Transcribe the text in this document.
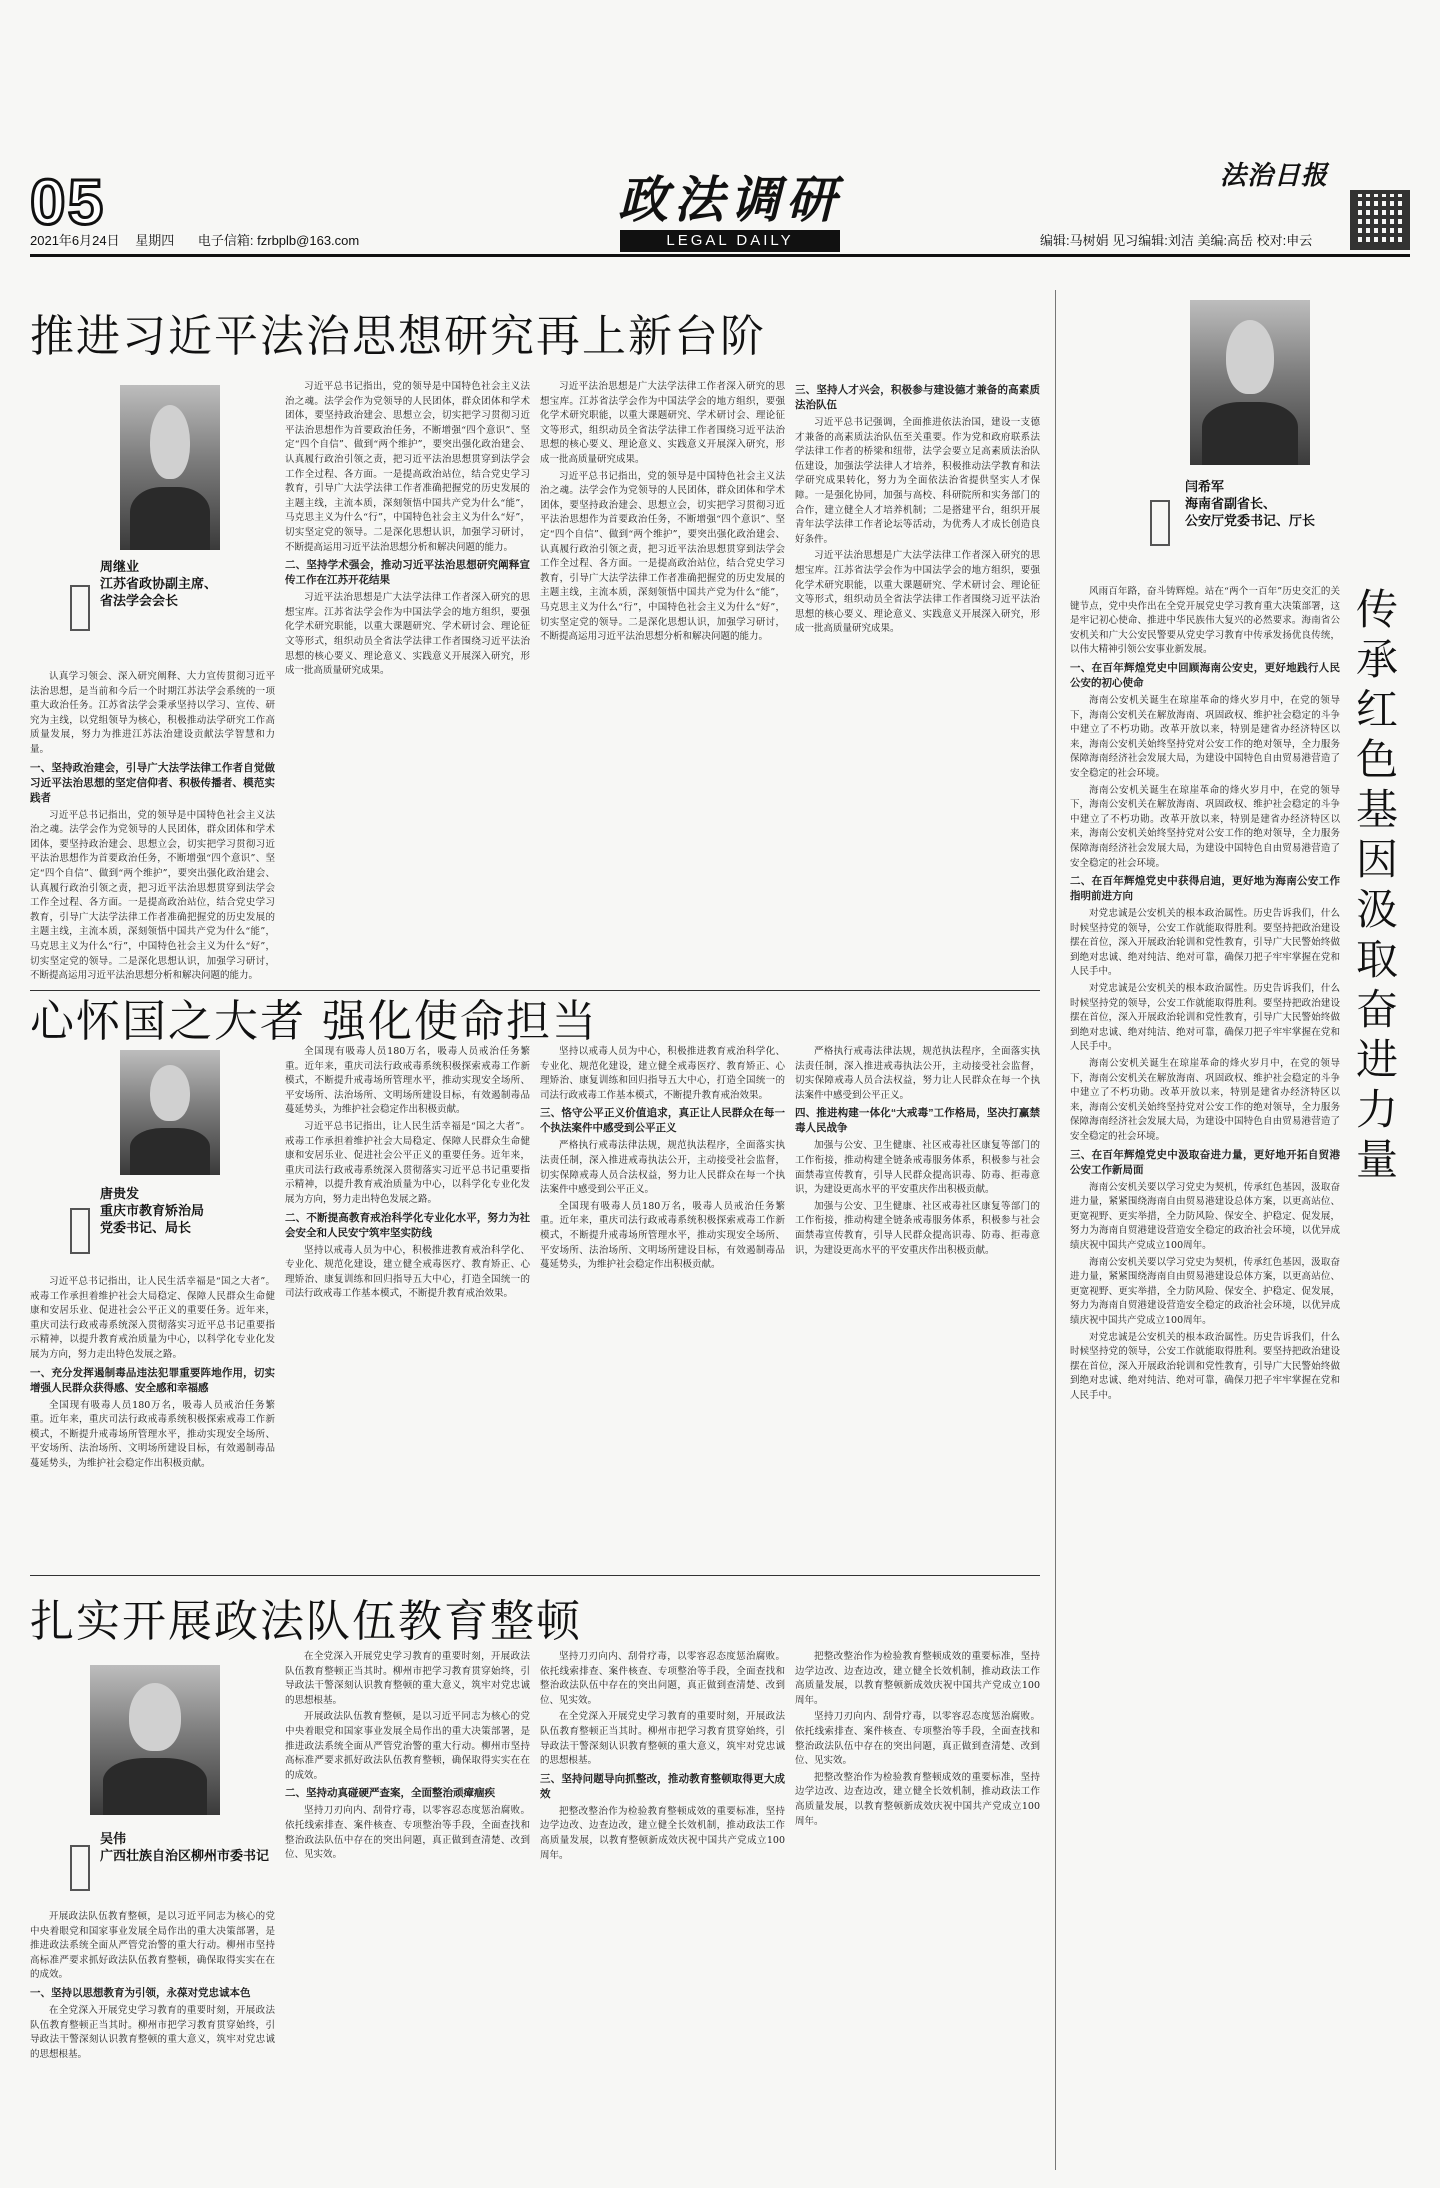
05
2021年6月24日 星期四 电子信箱: fzrbplb@163.com
政法调研
LEGAL DAILY
法治日报
编辑:马树娟 见习编辑:刘洁 美编:高岳 校对:申云
推进习近平法治思想研究再上新台阶
周继业
江苏省政协副主席、
省法学会会长

认真学习领会、深入研究阐释、大力宣传贯彻习近平法治思想，是当前和今后一个时期江苏法学会系统的一项重大政治任务。江苏省法学会秉承坚持以学习、宣传、研究为主线，以党组领导为核心，积极推动法学研究工作高质量发展，努力为推进江苏法治建设贡献法学智慧和力量。

一、坚持政治建会，引导广大法学法律工作者自觉做习近平法治思想的坚定信仰者、积极传播者、模范实践者

习近平总书记指出，党的领导是中国特色社会主义法治之魂。法学会作为党领导的人民团体，群众团体和学术团体，要坚持政治建会、思想立会，切实把学习贯彻习近平法治思想作为首要政治任务，不断增强“四个意识”、坚定“四个自信”、做到“两个维护”，要突出强化政治建会、认真履行政治引领之责，把习近平法治思想贯穿到法学会工作全过程、各方面。一是提高政治站位，结合党史学习教育，引导广大法学法律工作者准确把握党的历史发展的主题主线，主流本质，深刻领悟中国共产党为什么“能”，马克思主义为什么“行”，中国特色社会主义为什么“好”，切实坚定党的领导。二是深化思想认识，加强学习研讨，不断提高运用习近平法治思想分析和解决问题的能力。

习近平总书记指出，党的领导是中国特色社会主义法治之魂。法学会作为党领导的人民团体，群众团体和学术团体，要坚持政治建会、思想立会，切实把学习贯彻习近平法治思想作为首要政治任务，不断增强“四个意识”、坚定“四个自信”、做到“两个维护”，要突出强化政治建会、认真履行政治引领之责，把习近平法治思想贯穿到法学会工作全过程、各方面。一是提高政治站位，结合党史学习教育，引导广大法学法律工作者准确把握党的历史发展的主题主线，主流本质，深刻领悟中国共产党为什么“能”，马克思主义为什么“行”，中国特色社会主义为什么“好”，切实坚定党的领导。二是深化思想认识，加强学习研讨，不断提高运用习近平法治思想分析和解决问题的能力。

二、坚持学术强会，推动习近平法治思想研究阐释宣传工作在江苏开花结果

习近平法治思想是广大法学法律工作者深入研究的思想宝库。江苏省法学会作为中国法学会的地方组织，要强化学术研究职能，以重大课题研究、学术研讨会、理论征文等形式，组织动员全省法学法律工作者围绕习近平法治思想的核心要义、理论意义、实践意义开展深入研究，形成一批高质量研究成果。

习近平法治思想是广大法学法律工作者深入研究的思想宝库。江苏省法学会作为中国法学会的地方组织，要强化学术研究职能，以重大课题研究、学术研讨会、理论征文等形式，组织动员全省法学法律工作者围绕习近平法治思想的核心要义、理论意义、实践意义开展深入研究，形成一批高质量研究成果。

习近平总书记指出，党的领导是中国特色社会主义法治之魂。法学会作为党领导的人民团体，群众团体和学术团体，要坚持政治建会、思想立会，切实把学习贯彻习近平法治思想作为首要政治任务，不断增强“四个意识”、坚定“四个自信”、做到“两个维护”，要突出强化政治建会、认真履行政治引领之责，把习近平法治思想贯穿到法学会工作全过程、各方面。一是提高政治站位，结合党史学习教育，引导广大法学法律工作者准确把握党的历史发展的主题主线，主流本质，深刻领悟中国共产党为什么“能”，马克思主义为什么“行”，中国特色社会主义为什么“好”，切实坚定党的领导。二是深化思想认识，加强学习研讨，不断提高运用习近平法治思想分析和解决问题的能力。

三、坚持人才兴会，积极参与建设德才兼备的高素质法治队伍

习近平总书记强调，全面推进依法治国，建设一支德才兼备的高素质法治队伍至关重要。作为党和政府联系法学法律工作者的桥梁和纽带，法学会要立足高素质法治队伍建设，加强法学法律人才培养，积极推动法学教育和法学研究成果转化，努力为全面依法治省提供坚实人才保障。一是强化协同，加强与高校、科研院所和实务部门的合作，建立健全人才培养机制；二是搭建平台，组织开展青年法学法律工作者论坛等活动，为优秀人才成长创造良好条件。

习近平法治思想是广大法学法律工作者深入研究的思想宝库。江苏省法学会作为中国法学会的地方组织，要强化学术研究职能，以重大课题研究、学术研讨会、理论征文等形式，组织动员全省法学法律工作者围绕习近平法治思想的核心要义、理论意义、实践意义开展深入研究，形成一批高质量研究成果。

闫希军
海南省副省长、
公安厅党委书记、厅长
传承红色基因 汲取奋进力量

风雨百年路，奋斗铸辉煌。站在“两个一百年”历史交汇的关键节点，党中央作出在全党开展党史学习教育重大决策部署，这是牢记初心使命、推进中华民族伟大复兴的必然要求。海南省公安机关和广大公安民警要从党史学习教育中传承发扬优良传统，以伟大精神引领公安事业新发展。

一、在百年辉煌党史中回顾海南公安史，更好地践行人民公安的初心使命

海南公安机关诞生在琼崖革命的烽火岁月中，在党的领导下，海南公安机关在解放海南、巩固政权、维护社会稳定的斗争中建立了不朽功勋。改革开放以来，特别是建省办经济特区以来，海南公安机关始终坚持党对公安工作的绝对领导，全力服务保障海南经济社会发展大局，为建设中国特色自由贸易港营造了安全稳定的社会环境。

海南公安机关诞生在琼崖革命的烽火岁月中，在党的领导下，海南公安机关在解放海南、巩固政权、维护社会稳定的斗争中建立了不朽功勋。改革开放以来，特别是建省办经济特区以来，海南公安机关始终坚持党对公安工作的绝对领导，全力服务保障海南经济社会发展大局，为建设中国特色自由贸易港营造了安全稳定的社会环境。

二、在百年辉煌党史中获得启迪，更好地为海南公安工作指明前进方向

对党忠诚是公安机关的根本政治属性。历史告诉我们，什么时候坚持党的领导，公安工作就能取得胜利。要坚持把政治建设摆在首位，深入开展政治轮训和党性教育，引导广大民警始终做到绝对忠诚、绝对纯洁、绝对可靠，确保刀把子牢牢掌握在党和人民手中。

对党忠诚是公安机关的根本政治属性。历史告诉我们，什么时候坚持党的领导，公安工作就能取得胜利。要坚持把政治建设摆在首位，深入开展政治轮训和党性教育，引导广大民警始终做到绝对忠诚、绝对纯洁、绝对可靠，确保刀把子牢牢掌握在党和人民手中。

海南公安机关诞生在琼崖革命的烽火岁月中，在党的领导下，海南公安机关在解放海南、巩固政权、维护社会稳定的斗争中建立了不朽功勋。改革开放以来，特别是建省办经济特区以来，海南公安机关始终坚持党对公安工作的绝对领导，全力服务保障海南经济社会发展大局，为建设中国特色自由贸易港营造了安全稳定的社会环境。

三、在百年辉煌党史中汲取奋进力量，更好地开拓自贸港公安工作新局面

海南公安机关要以学习党史为契机，传承红色基因，汲取奋进力量，紧紧围绕海南自由贸易港建设总体方案，以更高站位、更宽视野、更实举措，全力防风险、保安全、护稳定、促发展，努力为海南自贸港建设营造安全稳定的政治社会环境，以优异成绩庆祝中国共产党成立100周年。

海南公安机关要以学习党史为契机，传承红色基因，汲取奋进力量，紧紧围绕海南自由贸易港建设总体方案，以更高站位、更宽视野、更实举措，全力防风险、保安全、护稳定、促发展，努力为海南自贸港建设营造安全稳定的政治社会环境，以优异成绩庆祝中国共产党成立100周年。

对党忠诚是公安机关的根本政治属性。历史告诉我们，什么时候坚持党的领导，公安工作就能取得胜利。要坚持把政治建设摆在首位，深入开展政治轮训和党性教育，引导广大民警始终做到绝对忠诚、绝对纯洁、绝对可靠，确保刀把子牢牢掌握在党和人民手中。

心怀国之大者 强化使命担当
唐贵发
重庆市教育矫治局
党委书记、局长

习近平总书记指出，让人民生活幸福是“国之大者”。戒毒工作承担着维护社会大局稳定、保障人民群众生命健康和安居乐业、促进社会公平正义的重要任务。近年来，重庆司法行政戒毒系统深入贯彻落实习近平总书记重要指示精神，以提升教育戒治质量为中心，以科学化专业化发展为方向，努力走出特色发展之路。

一、充分发挥遏制毒品违法犯罪重要阵地作用，切实增强人民群众获得感、安全感和幸福感

全国现有吸毒人员180万名，吸毒人员戒治任务繁重。近年来，重庆司法行政戒毒系统积极探索戒毒工作新模式，不断提升戒毒场所管理水平，推动实现安全场所、平安场所、法治场所、文明场所建设目标，有效遏制毒品蔓延势头，为维护社会稳定作出积极贡献。

全国现有吸毒人员180万名，吸毒人员戒治任务繁重。近年来，重庆司法行政戒毒系统积极探索戒毒工作新模式，不断提升戒毒场所管理水平，推动实现安全场所、平安场所、法治场所、文明场所建设目标，有效遏制毒品蔓延势头，为维护社会稳定作出积极贡献。

习近平总书记指出，让人民生活幸福是“国之大者”。戒毒工作承担着维护社会大局稳定、保障人民群众生命健康和安居乐业、促进社会公平正义的重要任务。近年来，重庆司法行政戒毒系统深入贯彻落实习近平总书记重要指示精神，以提升教育戒治质量为中心，以科学化专业化发展为方向，努力走出特色发展之路。

二、不断提高教育戒治科学化专业化水平，努力为社会安全和人民安宁筑牢坚实防线

坚持以戒毒人员为中心，积极推进教育戒治科学化、专业化、规范化建设，建立健全戒毒医疗、教育矫正、心理矫治、康复训练和回归指导五大中心，打造全国统一的司法行政戒毒工作基本模式，不断提升教育戒治效果。

坚持以戒毒人员为中心，积极推进教育戒治科学化、专业化、规范化建设，建立健全戒毒医疗、教育矫正、心理矫治、康复训练和回归指导五大中心，打造全国统一的司法行政戒毒工作基本模式，不断提升教育戒治效果。

三、恪守公平正义价值追求，真正让人民群众在每一个执法案件中感受到公平正义

严格执行戒毒法律法规，规范执法程序，全面落实执法责任制，深入推进戒毒执法公开，主动接受社会监督，切实保障戒毒人员合法权益，努力让人民群众在每一个执法案件中感受到公平正义。

全国现有吸毒人员180万名，吸毒人员戒治任务繁重。近年来，重庆司法行政戒毒系统积极探索戒毒工作新模式，不断提升戒毒场所管理水平，推动实现安全场所、平安场所、法治场所、文明场所建设目标，有效遏制毒品蔓延势头，为维护社会稳定作出积极贡献。

严格执行戒毒法律法规，规范执法程序，全面落实执法责任制，深入推进戒毒执法公开，主动接受社会监督，切实保障戒毒人员合法权益，努力让人民群众在每一个执法案件中感受到公平正义。

四、推进构建一体化“大戒毒”工作格局，坚决打赢禁毒人民战争

加强与公安、卫生健康、社区戒毒社区康复等部门的工作衔接，推动构建全链条戒毒服务体系，积极参与社会面禁毒宣传教育，引导人民群众提高识毒、防毒、拒毒意识，为建设更高水平的平安重庆作出积极贡献。

加强与公安、卫生健康、社区戒毒社区康复等部门的工作衔接，推动构建全链条戒毒服务体系，积极参与社会面禁毒宣传教育，引导人民群众提高识毒、防毒、拒毒意识，为建设更高水平的平安重庆作出积极贡献。

扎实开展政法队伍教育整顿
吴伟
广西壮族自治区柳州市委书记

开展政法队伍教育整顿，是以习近平同志为核心的党中央着眼党和国家事业发展全局作出的重大决策部署，是推进政法系统全面从严管党治警的重大行动。柳州市坚持高标准严要求抓好政法队伍教育整顿，确保取得实实在在的成效。

一、坚持以思想教育为引领，永葆对党忠诚本色

在全党深入开展党史学习教育的重要时刻，开展政法队伍教育整顿正当其时。柳州市把学习教育贯穿始终，引导政法干警深刻认识教育整顿的重大意义，筑牢对党忠诚的思想根基。

在全党深入开展党史学习教育的重要时刻，开展政法队伍教育整顿正当其时。柳州市把学习教育贯穿始终，引导政法干警深刻认识教育整顿的重大意义，筑牢对党忠诚的思想根基。

开展政法队伍教育整顿，是以习近平同志为核心的党中央着眼党和国家事业发展全局作出的重大决策部署，是推进政法系统全面从严管党治警的重大行动。柳州市坚持高标准严要求抓好政法队伍教育整顿，确保取得实实在在的成效。

二、坚持动真碰硬严查案，全面整治顽瘴痼疾

坚持刀刃向内、刮骨疗毒，以零容忍态度惩治腐败。依托线索排查、案件核查、专项整治等手段，全面查找和整治政法队伍中存在的突出问题，真正做到查清楚、改到位、见实效。

坚持刀刃向内、刮骨疗毒，以零容忍态度惩治腐败。依托线索排查、案件核查、专项整治等手段，全面查找和整治政法队伍中存在的突出问题，真正做到查清楚、改到位、见实效。

在全党深入开展党史学习教育的重要时刻，开展政法队伍教育整顿正当其时。柳州市把学习教育贯穿始终，引导政法干警深刻认识教育整顿的重大意义，筑牢对党忠诚的思想根基。

三、坚持问题导向抓整改，推动教育整顿取得更大成效

把整改整治作为检验教育整顿成效的重要标准，坚持边学边改、边查边改，建立健全长效机制，推动政法工作高质量发展，以教育整顿新成效庆祝中国共产党成立100周年。

把整改整治作为检验教育整顿成效的重要标准，坚持边学边改、边查边改，建立健全长效机制，推动政法工作高质量发展，以教育整顿新成效庆祝中国共产党成立100周年。

坚持刀刃向内、刮骨疗毒，以零容忍态度惩治腐败。依托线索排查、案件核查、专项整治等手段，全面查找和整治政法队伍中存在的突出问题，真正做到查清楚、改到位、见实效。

把整改整治作为检验教育整顿成效的重要标准，坚持边学边改、边查边改，建立健全长效机制，推动政法工作高质量发展，以教育整顿新成效庆祝中国共产党成立100周年。
